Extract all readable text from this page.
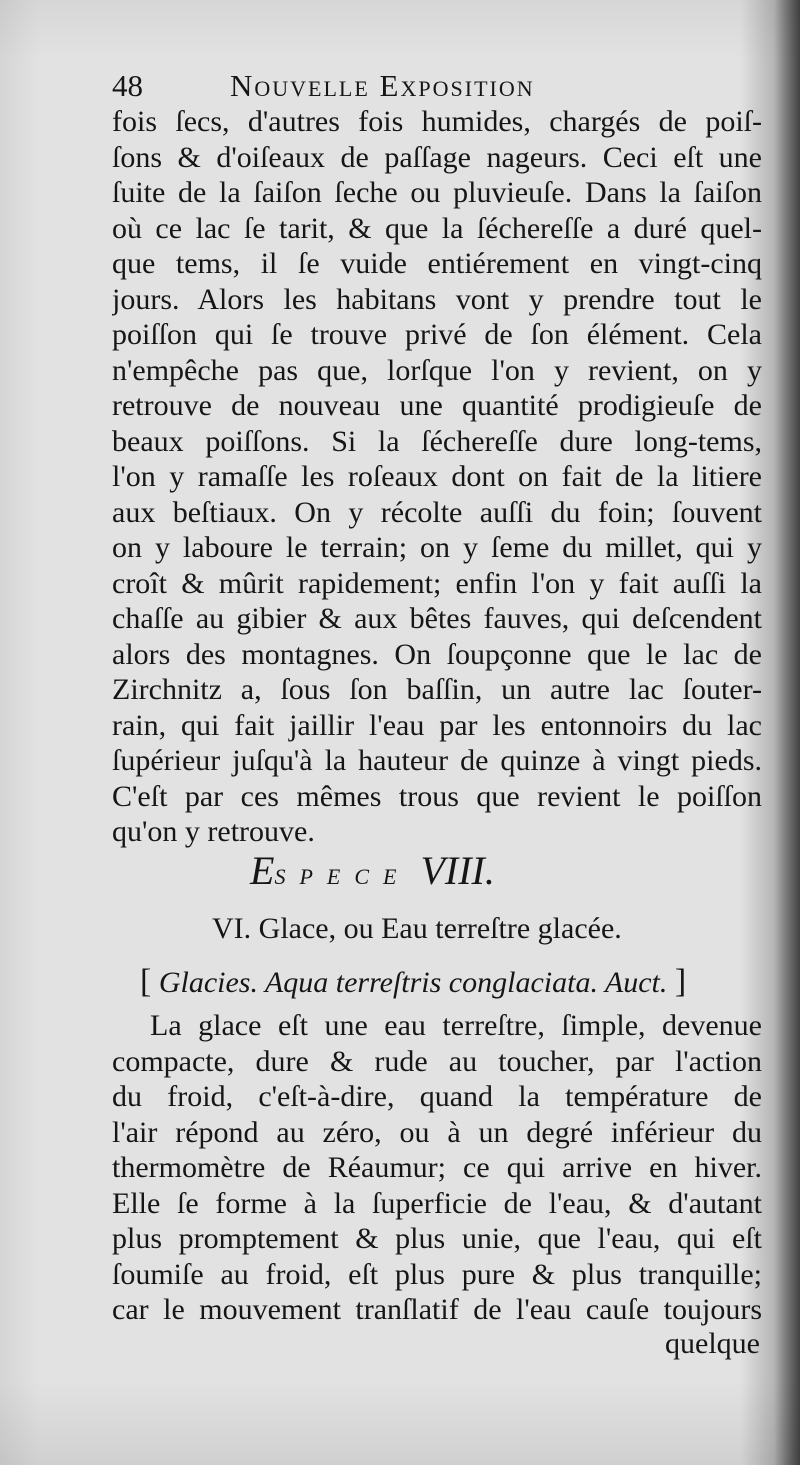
48	Nouvelle Exposition
fois ſecs, d'autres fois humides, chargés de poiſ-
ſons & d'oiſeaux de paſſage nageurs. Ceci eſt une
ſuite de la ſaiſon ſeche ou pluvieuſe. Dans la ſaiſon
où ce lac ſe tarit, & que la ſécherеſſe a duré quel-
que tems, il ſe vuide entiérement en vingt-cinq
jours. Alors les habitans vont y prendre tout le
poiſſon qui ſe trouve privé de ſon élément. Cela
n'empêche pas que, lorſque l'on y revient, on y
retrouve de nouveau une quantité prodigieuſe de
beaux poiſſons. Si la ſéchereſſe dure long-tems,
l'on y ramaſſe les roſeaux dont on fait de la litiere
aux beſtiaux. On y récolte auſſi du foin; ſouvent
on y laboure le terrain; on y ſeme du millet, qui y
croît & mûrit rapidement; enfin l'on y fait auſſi la
chaſſe au gibier & aux bêtes fauves, qui deſcendent
alors des montagnes. On ſoupçonne que le lac de
Zirchnitz a, ſous ſon baſſin, un autre lac ſouter-
rain, qui fait jaillir l'eau par les entonnoirs du lac
ſupérieur juſqu'à la hauteur de quinze à vingt pieds.
C'eſt par ces mêmes trous que revient le poiſſon
qu'on y retrouve.
ESPECE VIII.
VI. Glace, ou Eau terreſtre glacée.
[ Glacies. Aqua terreſtris conglaciata. Auct. ]
La glace eſt une eau terreſtre, ſimple, devenue
compacte, dure & rude au toucher, par l'action
du froid, c'eſt-à-dire, quand la température de
l'air répond au zéro, ou à un degré inférieur du
thermomètre de Réaumur; ce qui arrive en hiver.
Elle ſe forme à la ſuperficie de l'eau, & d'autant
plus promptement & plus unie, que l'eau, qui eſt
ſoumiſe au froid, eſt plus pure & plus tranquille;
car le mouvement tranſlatif de l'eau cauſe toujours
quelque
